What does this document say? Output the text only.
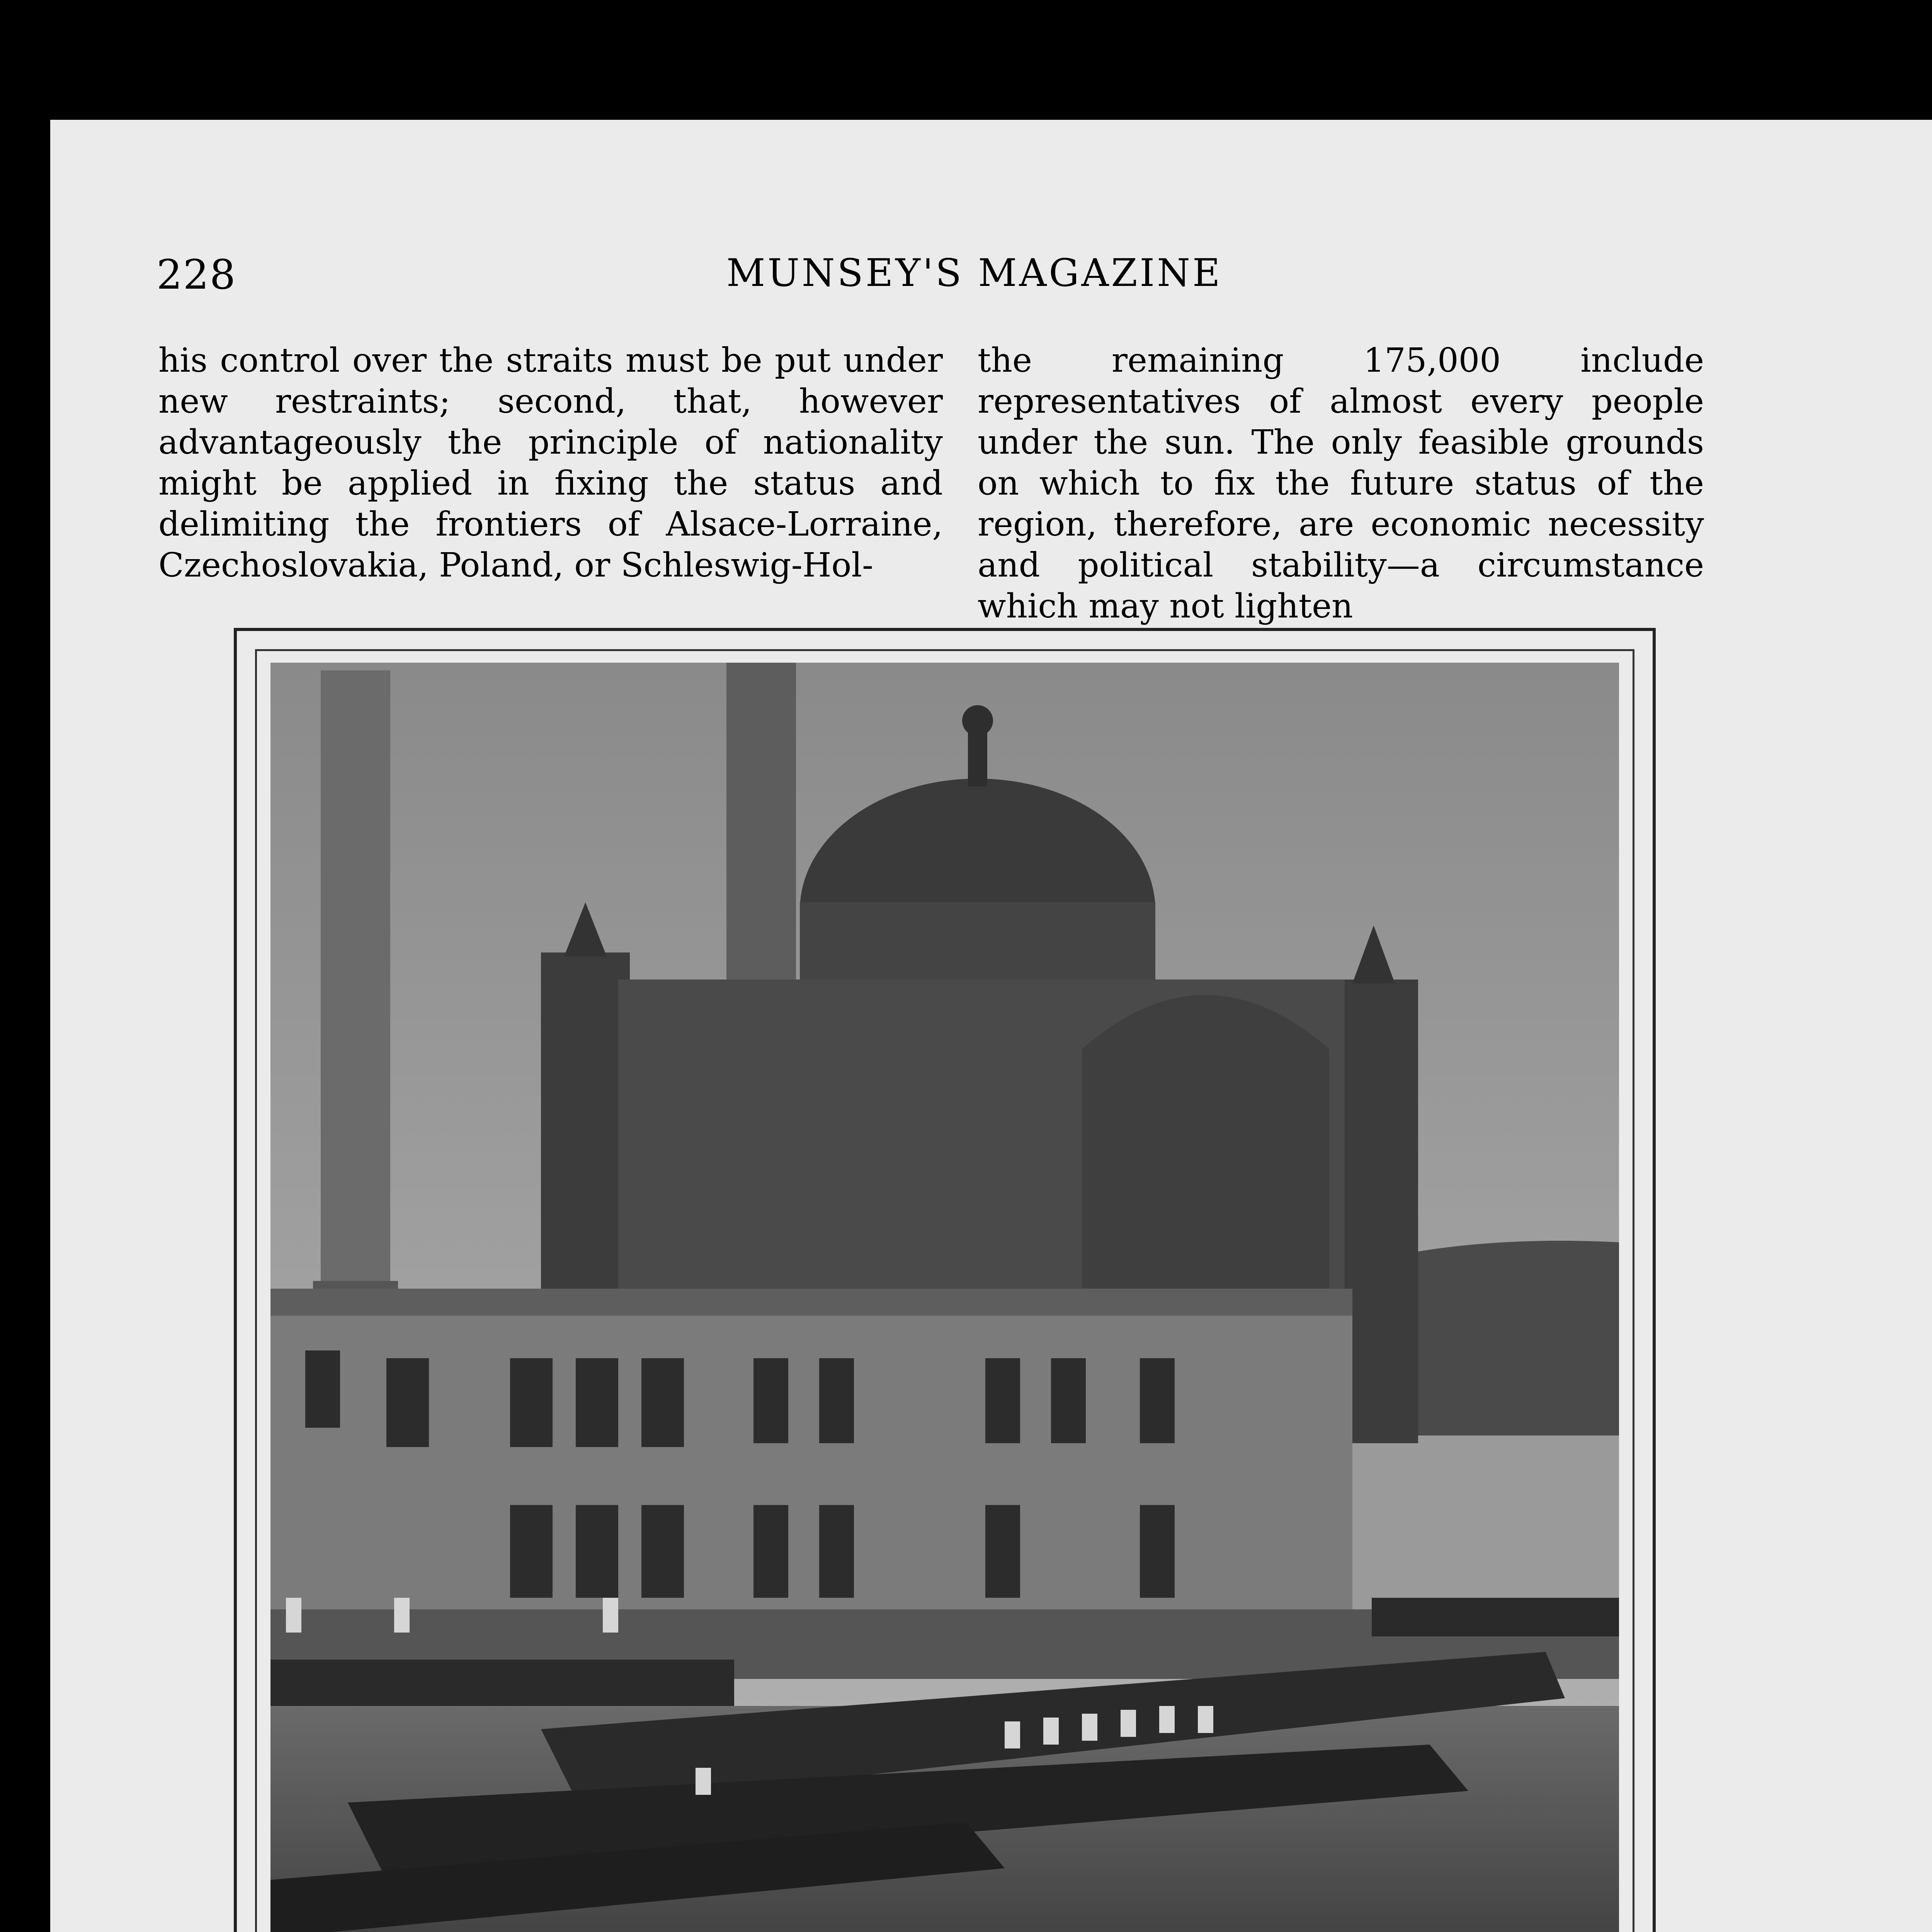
228	MUNSEY'S MAGAZINE

his control over the straits must be put under new restraints; second, that, however advantageously the principle of nationality might be applied in fixing the status and delimiting the frontiers of Alsace-Lorraine, Czechoslovakia, Poland, or Schleswig-Hol-

the remaining 175,000 include representatives of almost every people under the sun. The only feasible grounds on which to fix the future status of the region, therefore, are economic necessity and political stability—a circumstance which may not lighten
